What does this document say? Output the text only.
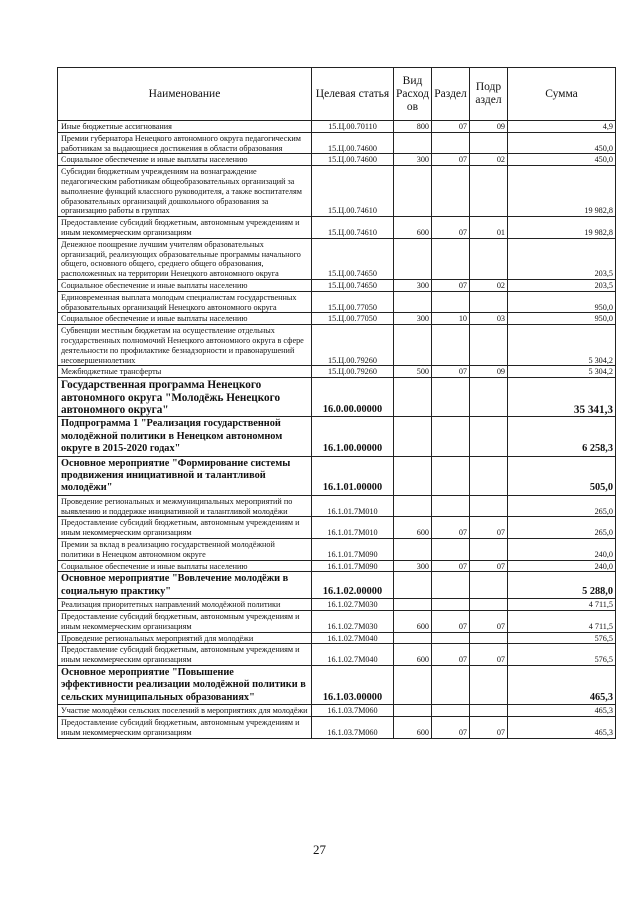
Наименование	Целевая статья	Вид Расход ов	Раздел	Подр аздел	Сумма
Иные бюджетные ассигнования	15.Ц.00.70110	800	07	09	4,9
Премии губернатора Ненецкого автономного округа педагогическим работникам за выдающиеся достижения в области образования	15.Ц.00.74600				450,0
Социальное обеспечение и иные выплаты населению	15.Ц.00.74600	300	07	02	450,0
Субсидии бюджетным учреждениям на вознаграждение педагогическим работникам общеобразовательных организаций за выполнение функций классного руководителя, а также воспитателям образовательных организаций дошкольного образования за организацию работы в группах	15.Ц.00.74610				19 982,8
Предоставление субсидий бюджетным, автономным учреждениям и иным некоммерческим организациям	15.Ц.00.74610	600	07	01	19 982,8
Денежное поощрение лучшим учителям образовательных организаций, реализующих образовательные программы начального общего, основного общего, среднего общего образования, расположенных на территории Ненецкого автономного округа	15.Ц.00.74650				203,5
Социальное обеспечение и иные выплаты населению	15.Ц.00.74650	300	07	02	203,5
Единовременная выплата молодым специалистам государственных образовательных организаций Ненецкого автономного округа	15.Ц.00.77050				950,0
Социальное обеспечение и иные выплаты населению	15.Ц.00.77050	300	10	03	950,0
Субвенции местным бюджетам на осуществление отдельных государственных полномочий Ненецкого автономного округа в сфере деятельности по профилактике безнадзорности и правонарушений несовершеннолетних	15.Ц.00.79260				5 304,2
Межбюджетные трансферты	15.Ц.00.79260	500	07	09	5 304,2
Государственная программа Ненецкого автономного округа "Молодёжь Ненецкого автономного округа"	16.0.00.00000				35 341,3
Подпрограмма 1 "Реализация государственной молодёжной политики в Ненецком автономном округе в 2015-2020 годах"	16.1.00.00000				6 258,3
Основное мероприятие "Формирование системы продвижения инициативной и талантливой молодёжи"	16.1.01.00000				505,0
Проведение региональных и межмуниципальных мероприятий по выявлению и поддержке инициативной и талантливой молодёжи	16.1.01.7М010				265,0
Предоставление субсидий бюджетным, автономным учреждениям и иным некоммерческим организациям	16.1.01.7М010	600	07	07	265,0
Премии за вклад в реализацию государственной молодёжной политики в Ненецком автономном округе	16.1.01.7М090				240,0
Социальное обеспечение и иные выплаты населению	16.1.01.7М090	300	07	07	240,0
Основное мероприятие "Вовлечение молодёжи в социальную практику"	16.1.02.00000				5 288,0
Реализация приоритетных направлений молодёжной политики	16.1.02.7М030				4 711,5
Предоставление субсидий бюджетным, автономным учреждениям и иным некоммерческим организациям	16.1.02.7М030	600	07	07	4 711,5
Проведение региональных мероприятий для молодёжи	16.1.02.7М040				576,5
Предоставление субсидий бюджетным, автономным учреждениям и иным некоммерческим организациям	16.1.02.7М040	600	07	07	576,5
Основное мероприятие "Повышение эффективности реализации молодёжной политики в сельских муниципальных образованиях"	16.1.03.00000				465,3
Участие молодёжи сельских поселений в мероприятиях для молодёжи	16.1.03.7М060				465,3
Предоставление субсидий бюджетным, автономным учреждениям и иным некоммерческим организациям	16.1.03.7М060	600	07	07	465,3
27
